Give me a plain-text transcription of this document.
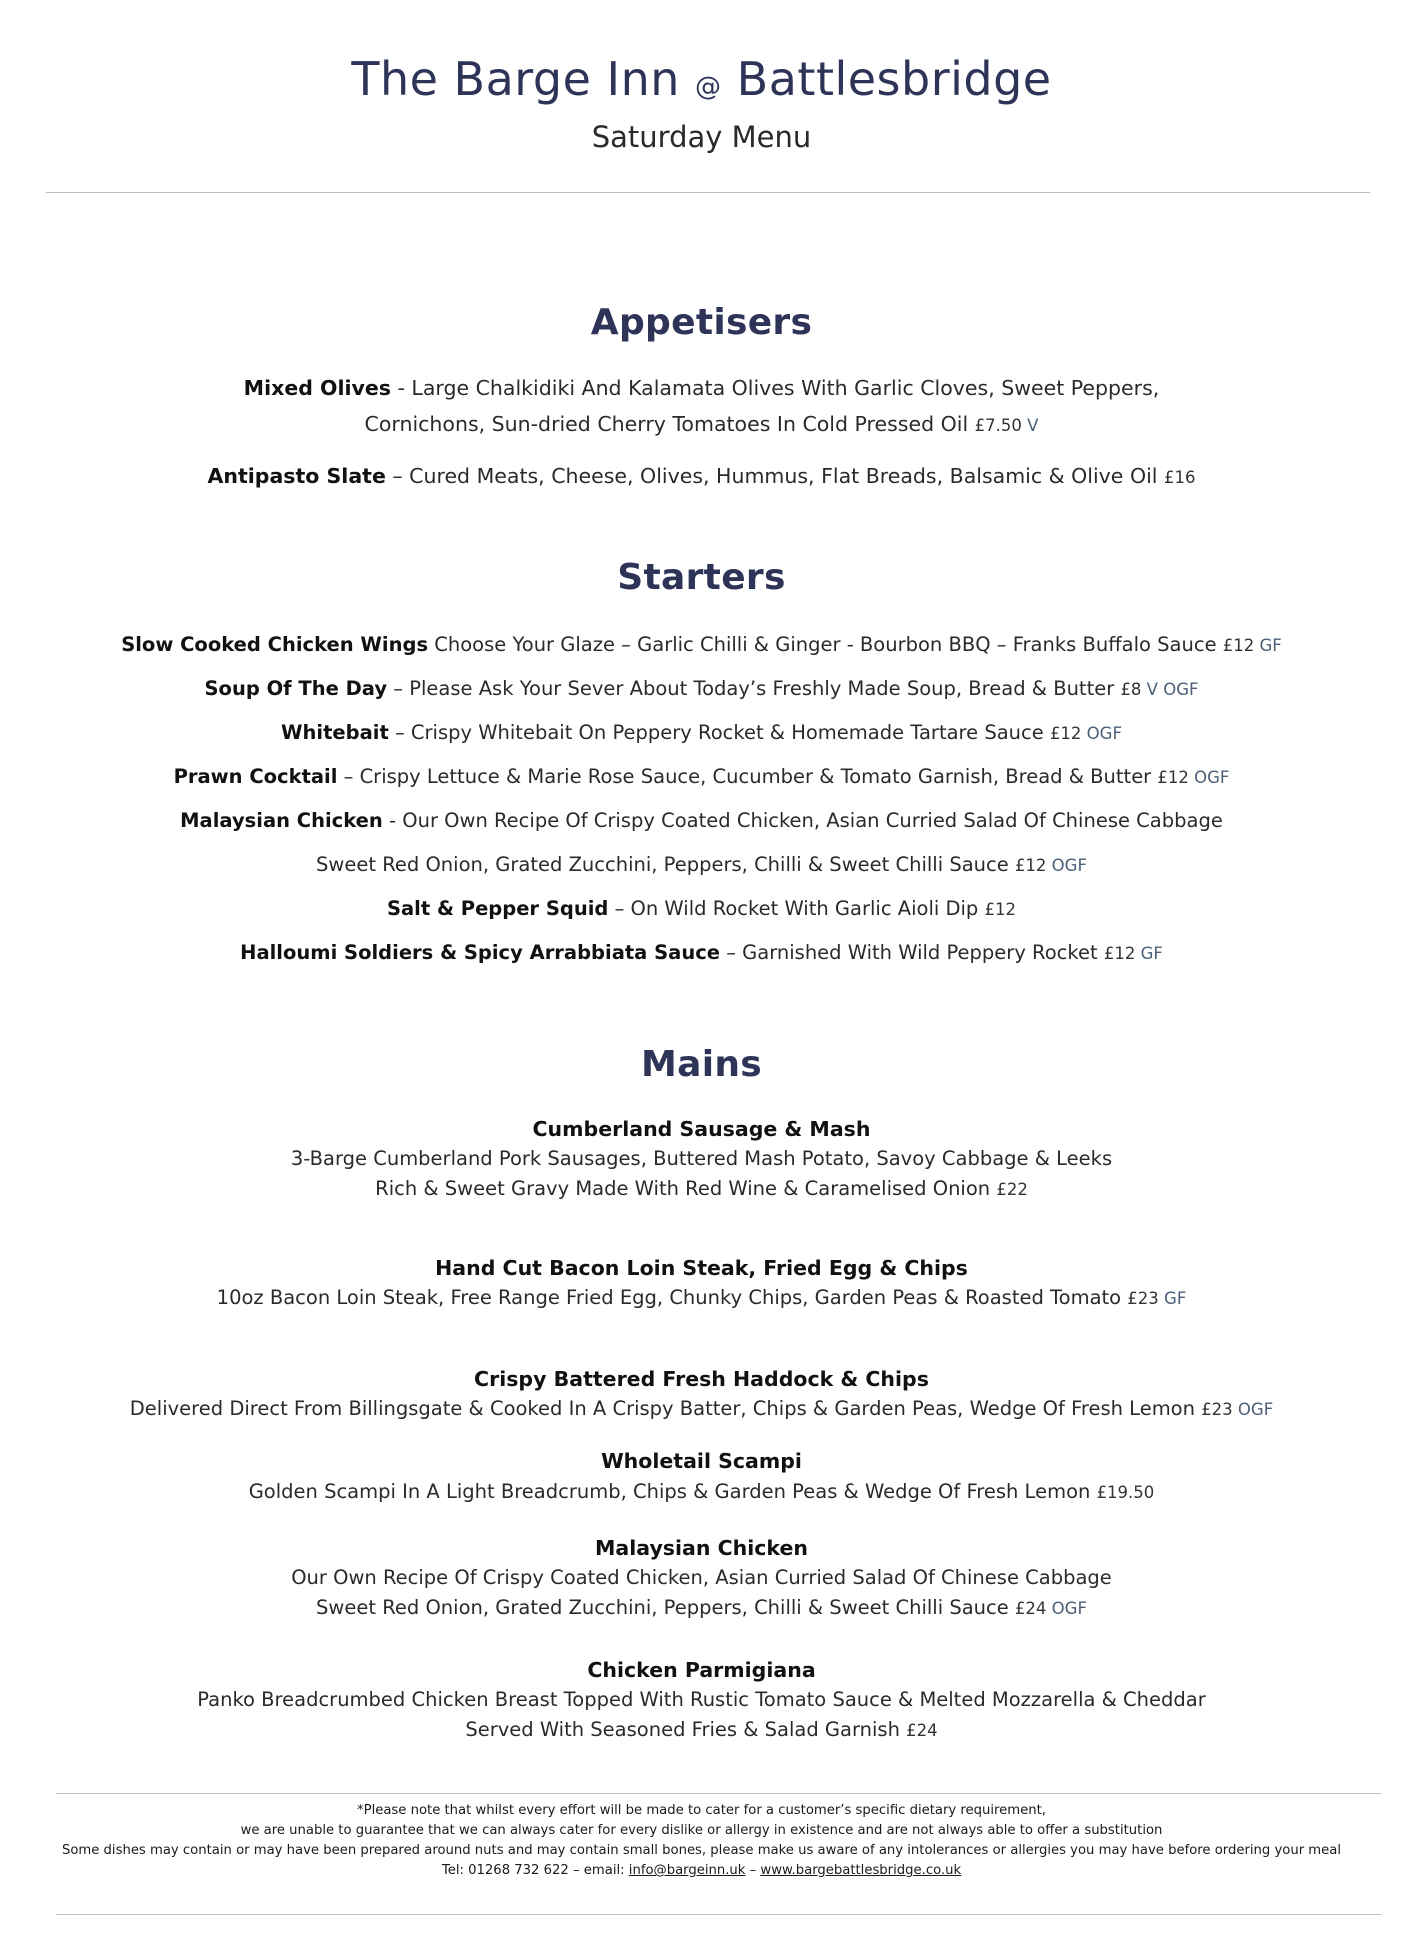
The Barge Inn @ Battlesbridge
Saturday Menu
Appetisers
Mixed Olives - Large Chalkidiki And Kalamata Olives With Garlic Cloves, Sweet Peppers,
Cornichons, Sun-dried Cherry Tomatoes In Cold Pressed Oil £7.50 V
Antipasto Slate – Cured Meats, Cheese, Olives, Hummus, Flat Breads, Balsamic & Olive Oil £16
Starters
Slow Cooked Chicken Wings Choose Your Glaze – Garlic Chilli & Ginger - Bourbon BBQ – Franks Buffalo Sauce £12 GF
Soup Of The Day – Please Ask Your Sever About Today’s Freshly Made Soup, Bread & Butter £8 V OGF
Whitebait – Crispy Whitebait On Peppery Rocket & Homemade Tartare Sauce £12 OGF
Prawn Cocktail – Crispy Lettuce & Marie Rose Sauce, Cucumber & Tomato Garnish, Bread & Butter £12 OGF
Malaysian Chicken - Our Own Recipe Of Crispy Coated Chicken, Asian Curried Salad Of Chinese Cabbage
Sweet Red Onion, Grated Zucchini, Peppers, Chilli & Sweet Chilli Sauce £12 OGF
Salt & Pepper Squid – On Wild Rocket With Garlic Aioli Dip £12
Halloumi Soldiers & Spicy Arrabbiata Sauce – Garnished With Wild Peppery Rocket £12 GF
Mains
Cumberland Sausage & Mash
3-Barge Cumberland Pork Sausages, Buttered Mash Potato, Savoy Cabbage & Leeks
Rich & Sweet Gravy Made With Red Wine & Caramelised Onion £22
Hand Cut Bacon Loin Steak, Fried Egg & Chips
10oz Bacon Loin Steak, Free Range Fried Egg, Chunky Chips, Garden Peas & Roasted Tomato £23 GF
Crispy Battered Fresh Haddock & Chips
Delivered Direct From Billingsgate & Cooked In A Crispy Batter, Chips & Garden Peas, Wedge Of Fresh Lemon £23 OGF
Wholetail Scampi
Golden Scampi In A Light Breadcrumb, Chips & Garden Peas & Wedge Of Fresh Lemon £19.50
Malaysian Chicken
Our Own Recipe Of Crispy Coated Chicken, Asian Curried Salad Of Chinese Cabbage
Sweet Red Onion, Grated Zucchini, Peppers, Chilli & Sweet Chilli Sauce £24 OGF
Chicken Parmigiana
Panko Breadcrumbed Chicken Breast Topped With Rustic Tomato Sauce & Melted Mozzarella & Cheddar
Served With Seasoned Fries & Salad Garnish £24
*Please note that whilst every effort will be made to cater for a customer’s specific dietary requirement,
we are unable to guarantee that we can always cater for every dislike or allergy in existence and are not always able to offer a substitution
Some dishes may contain or may have been prepared around nuts and may contain small bones, please make us aware of any intolerances or allergies you may have before ordering your meal
Tel: 01268 732 622 – email: info@bargeinn.uk – www.bargebattlesbridge.co.uk
